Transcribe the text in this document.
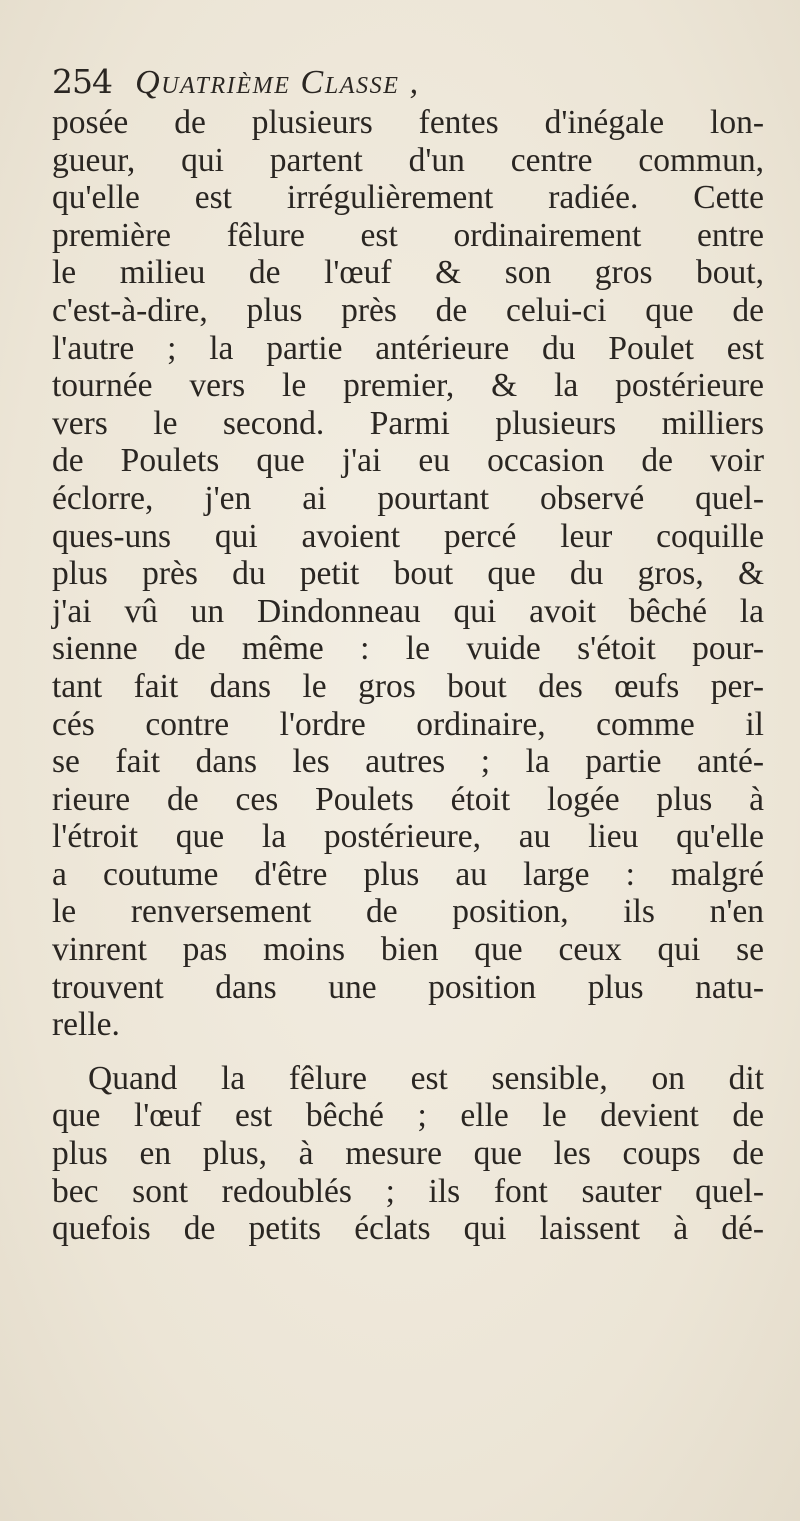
254 Quatrième Classe ,
posée de plusieurs fentes d'inégale lon-
gueur, qui partent d'un centre commun,
qu'elle est irrégulièrement radiée. Cette
première fêlure est ordinairement entre
le milieu de l'œuf & son gros bout,
c'est-à-dire, plus près de celui-ci que de
l'autre ; la partie antérieure du Poulet est
tournée vers le premier, & la postérieure
vers le second. Parmi plusieurs milliers
de Poulets que j'ai eu occasion de voir
éclorre, j'en ai pourtant observé quel-
ques-uns qui avoient percé leur coquille
plus près du petit bout que du gros, &
j'ai vû un Dindonneau qui avoit bêché la
sienne de même : le vuide s'étoit pour-
tant fait dans le gros bout des œufs per-
cés contre l'ordre ordinaire, comme il
se fait dans les autres ; la partie anté-
rieure de ces Poulets étoit logée plus à
l'étroit que la postérieure, au lieu qu'elle
a coutume d'être plus au large : malgré
le renversement de position, ils n'en
vinrent pas moins bien que ceux qui se
trouvent dans une position plus natu-
relle.
Quand la fêlure est sensible, on dit
que l'œuf est bêché ; elle le devient de
plus en plus, à mesure que les coups de
bec sont redoublés ; ils font sauter quel-
quefois de petits éclats qui laissent à dé-
